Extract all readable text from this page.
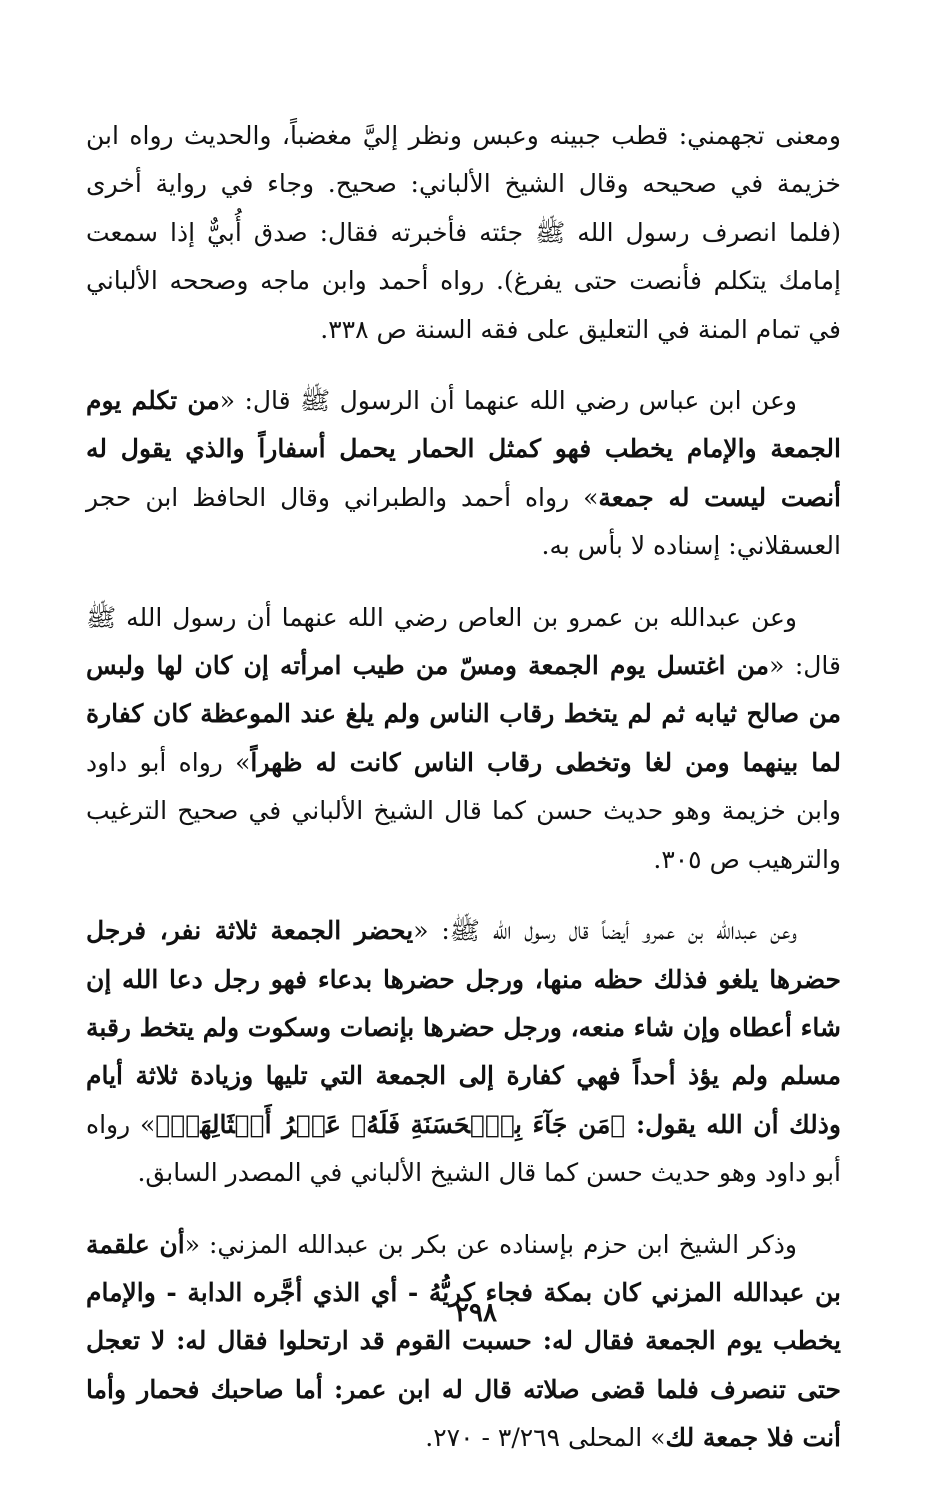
ومعنى تجهمني: قطب جبينه وعبس ونظر إليَّ مغضباً، والحديث رواه ابن خزيمة في صحيحه وقال الشيخ الألباني: صحيح. وجاء في رواية أخرى (فلما انصرف رسول الله ﷺ جئته فأخبرته فقال: صدق أُبيٌّ إذا سمعت إمامك يتكلم فأنصت حتى يفرغ). رواه أحمد وابن ماجه وصححه الألباني في تمام المنة في التعليق على فقه السنة ص ٣٣٨.

وعن ابن عباس رضي الله عنهما أن الرسول ﷺ قال: «من تكلم يوم الجمعة والإمام يخطب فهو كمثل الحمار يحمل أسفاراً والذي يقول له أنصت ليست له جمعة» رواه أحمد والطبراني وقال الحافظ ابن حجر العسقلاني: إسناده لا بأس به.

وعن عبدالله بن عمرو بن العاص رضي الله عنهما أن رسول الله ﷺ قال: «من اغتسل يوم الجمعة ومسّ من طيب امرأته إن كان لها ولبس من صالح ثيابه ثم لم يتخط رقاب الناس ولم يلغ عند الموعظة كان كفارة لما بينهما ومن لغا وتخطى رقاب الناس كانت له ظهراً» رواه أبو داود وابن خزيمة وهو حديث حسن كما قال الشيخ الألباني في صحيح الترغيب والترهيب ص ٣٠٥.

وعن عبدالله بن عمرو أيضاً قال رسول الله ﷺ: «يحضر الجمعة ثلاثة نفر، فرجل حضرها يلغو فذلك حظه منها، ورجل حضرها بدعاء فهو رجل دعا الله إن شاء أعطاه وإن شاء منعه، ورجل حضرها بإنصات وسكوت ولم يتخط رقبة مسلم ولم يؤذ أحداً فهي كفارة إلى الجمعة التي تليها وزيادة ثلاثة أيام وذلك أن الله يقول: ﴿مَن جَآءَ بِٱلۡحَسَنَةِ فَلَهُۥ عَشۡرُ أَمۡثَالِهَاۖ﴾» رواه أبو داود وهو حديث حسن كما قال الشيخ الألباني في المصدر السابق.

وذكر الشيخ ابن حزم بإسناده عن بكر بن عبدالله المزني: «أن علقمة بن عبدالله المزني كان بمكة فجاء كريُّهُ - أي الذي أجَّره الدابة - والإمام يخطب يوم الجمعة فقال له: حسبت القوم قد ارتحلوا فقال له: لا تعجل حتى تنصرف فلما قضى صلاته قال له ابن عمر: أما صاحبك فحمار وأما أنت فلا جمعة لك» المحلى ٣/٢٦٩ - ٢٧٠.

٢٩٨
